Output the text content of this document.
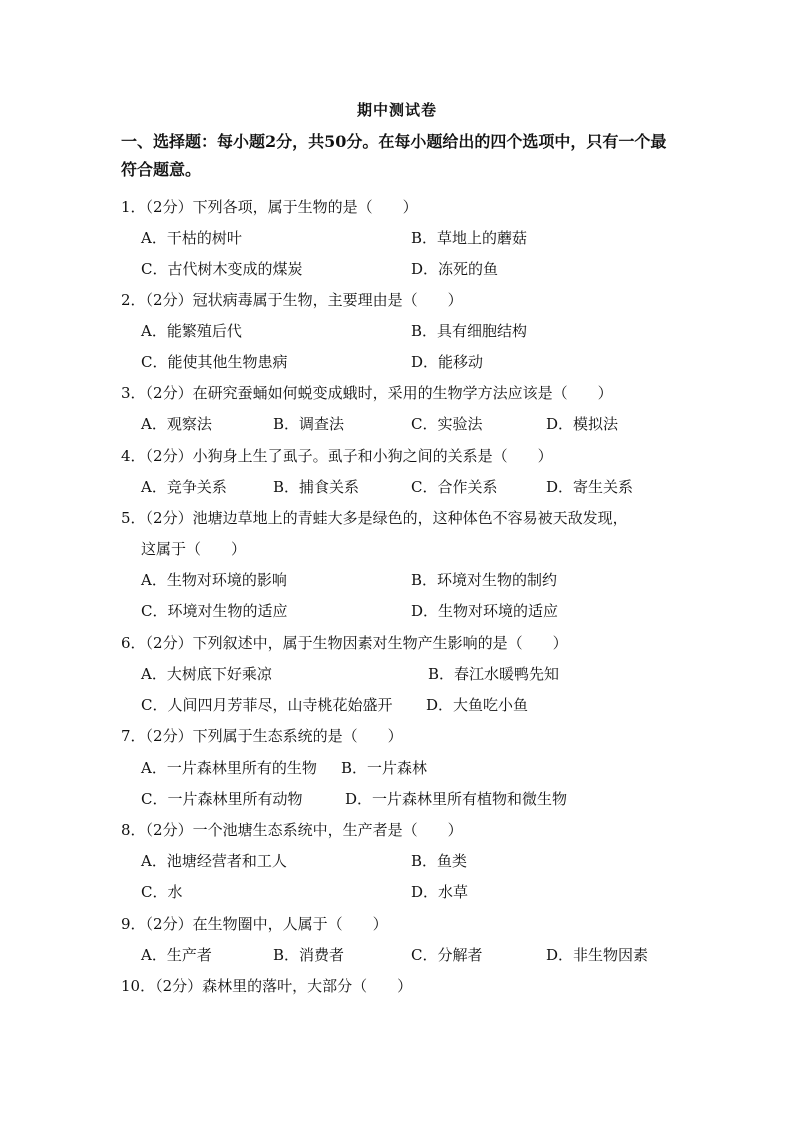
期中测试卷
一、选择题：每小题2分，共50分。在每小题给出的四个选项中，只有一个最符合题意。
1．（2分）下列各项，属于生物的是（　　）
A．干枯的树叶	B．草地上的蘑菇
C．古代树木变成的煤炭	D．冻死的鱼
2．（2分）冠状病毒属于生物，主要理由是（　　）
A．能繁殖后代	B．具有细胞结构
C．能使其他生物患病	D．能移动
3．（2分）在研究蚕蛹如何蜕变成蛾时，采用的生物学方法应该是（　　）
A．观察法	B．调查法	C．实验法	D．模拟法
4．（2分）小狗身上生了虱子。虱子和小狗之间的关系是（　　）
A．竞争关系	B．捕食关系	C．合作关系	D．寄生关系
5．（2分）池塘边草地上的青蛙大多是绿色的，这种体色不容易被天敌发现，
这属于（　　）
A．生物对环境的影响	B．环境对生物的制约
C．环境对生物的适应	D．生物对环境的适应
6．（2分）下列叙述中，属于生物因素对生物产生影响的是（　　）
A．大树底下好乘凉	B．春江水暖鸭先知
C．人间四月芳菲尽，山寺桃花始盛开 D．大鱼吃小鱼
7．（2分）下列属于生态系统的是（　　）
A．一片森林里所有的生物 B．一片森林
C．一片森林里所有动物	D．一片森林里所有植物和微生物
8．（2分）一个池塘生态系统中，生产者是（　　）
A．池塘经营者和工人	B．鱼类
C．水	D．水草
9．（2分）在生物圈中，人属于（　　）
A．生产者	B．消费者	C．分解者	D．非生物因素
10．（2分）森林里的落叶，大部分（　　）
